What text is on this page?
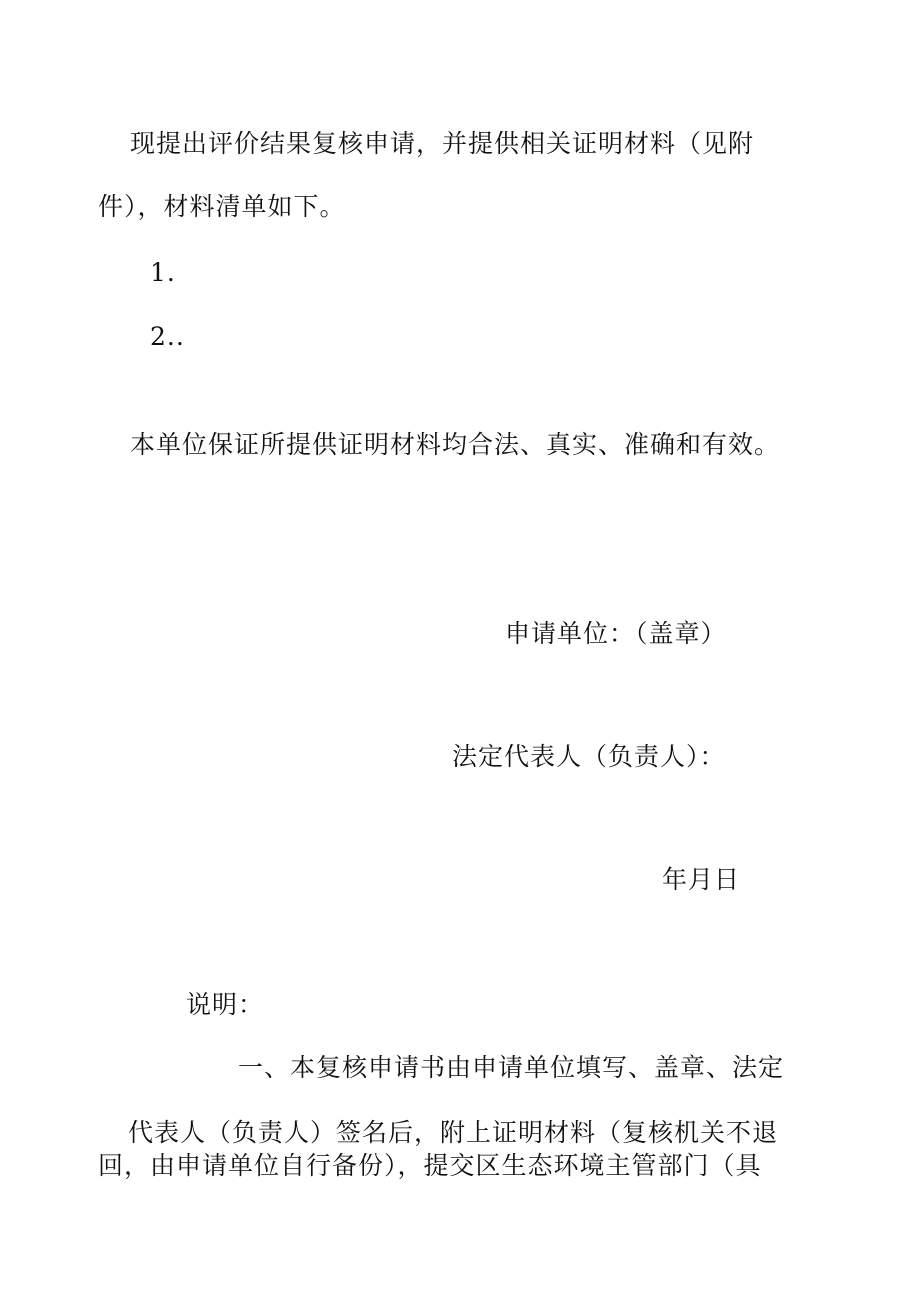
现提出评价结果复核申请，并提供相关证明材料（见附
件），材料清单如下。
1.
2..
本单位保证所提供证明材料均合法、真实、准确和有效。
申请单位：（盖章）
法定代表人（负责人）：
年月日
说明：
一、本复核申请书由申请单位填写、盖章、法定
代表人（负责人）签名后，附上证明材料（复核机关不退
回，由申请单位自行备份），提交区生态环境主管部门（具
